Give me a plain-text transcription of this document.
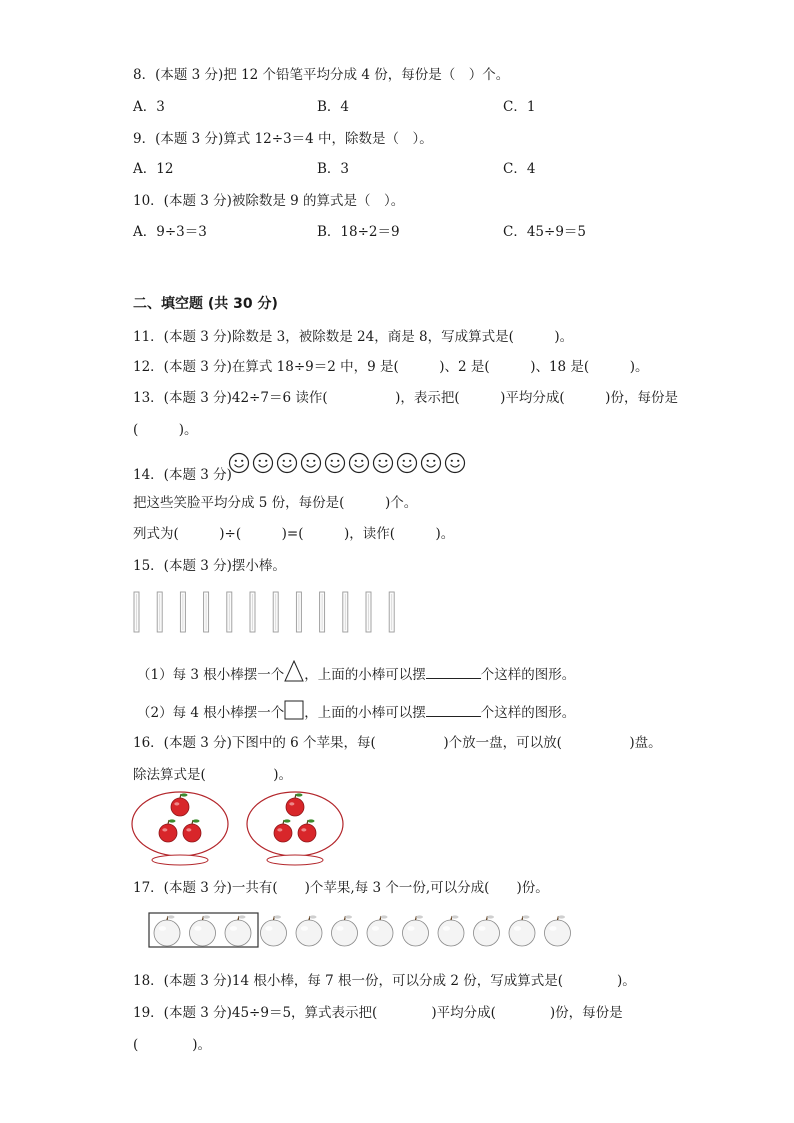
8．(本题 3 分)把 12 个铅笔平均分成 4 份，每份是（　）个。
A．3	B．4	C．1
9．(本题 3 分)算式 12÷3＝4 中，除数是（　）。
A．12	B．3	C．4
10．(本题 3 分)被除数是 9 的算式是（　）。
A．9÷3＝3	B．18÷2＝9	C．45÷9＝5
二、填空题 (共 30 分)
11．(本题 3 分)除数是 3，被除数是 24，商是 8，写成算式是(　　　)。
12．(本题 3 分)在算式 18÷9＝2 中，9 是(　　　)、2 是(　　　)、18 是(　　　)。
13．(本题 3 分)42÷7＝6 读作(　　　　　)，表示把(　　　)平均分成(　　　)份，每份是
(　　　)。
14．(本题 3 分)
把这些笑脸平均分成 5 份，每份是(　　　)个。
列式为(　　　)÷(　　　)=(　　　)，读作(　　　)。
15．(本题 3 分)摆小棒。
（1）每 3 根小棒摆一个 ，上面的小棒可以摆	个这样的图形。
（2）每 4 根小棒摆一个 ，上面的小棒可以摆	个这样的图形。
16．(本题 3 分)下图中的 6 个苹果，每(　　　　　)个放一盘，可以放(　　　　　)盘。
除法算式是(　　　　　)。
17．(本题 3 分)一共有(　　)个苹果,每 3 个一份,可以分成(　　)份。
18．(本题 3 分)14 根小棒，每 7 根一份，可以分成 2 份，写成算式是(　　　　)。
19．(本题 3 分)45÷9＝5，算式表示把(　　　　)平均分成(　　　　)份，每份是
(　　　　)。
